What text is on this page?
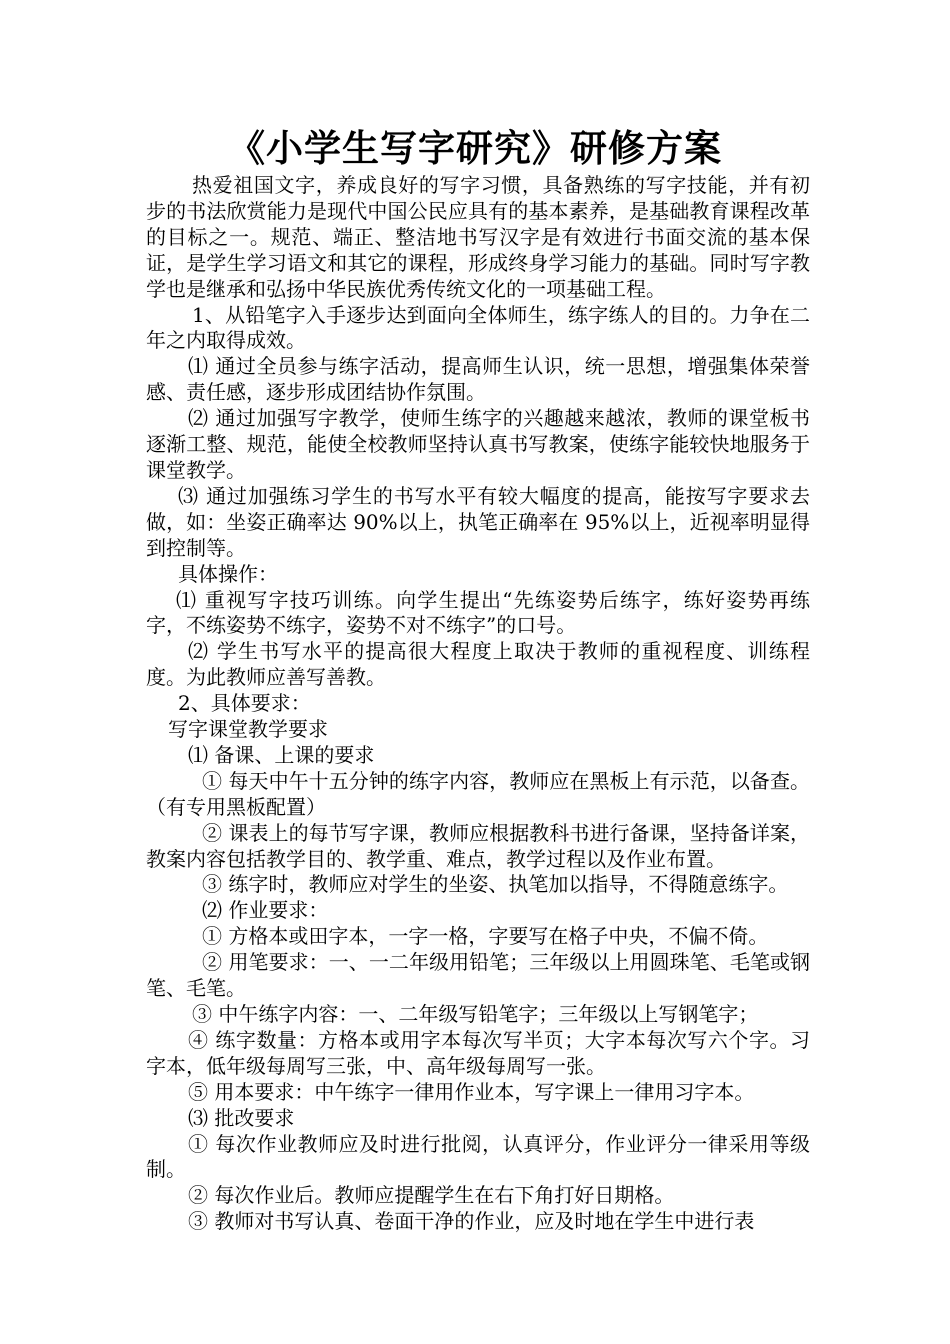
《小学生写字研究》研修方案

热爱祖国文字，养成良好的写字习惯，具备熟练的写字技能，并有初步的书法欣赏能力是现代中国公民应具有的基本素养，是基础教育课程改革的目标之一。规范、端正、整洁地书写汉字是有效进行书面交流的基本保证，是学生学习语文和其它的课程，形成终身学习能力的基础。同时写字教学也是继承和弘扬中华民族优秀传统文化的一项基础工程。

1、从铅笔字入手逐步达到面向全体师生，练字练人的目的。力争在二年之内取得成效。

⑴ 通过全员参与练字活动，提高师生认识，统一思想，增强集体荣誉感、责任感，逐步形成团结协作氛围。

⑵ 通过加强写字教学，使师生练字的兴趣越来越浓，教师的课堂板书逐渐工整、规范，能使全校教师坚持认真书写教案，使练字能较快地服务于课堂教学。

⑶ 通过加强练习学生的书写水平有较大幅度的提高，能按写字要求去做，如：坐姿正确率达 90%以上，执笔正确率在 95%以上，近视率明显得到控制等。

具体操作：

⑴ 重视写字技巧训练。向学生提出“先练姿势后练字，练好姿势再练字，不练姿势不练字，姿势不对不练字”的口号。

⑵ 学生书写水平的提高很大程度上取决于教师的重视程度、训练程度。为此教师应善写善教。

2、具体要求：

写字课堂教学要求

⑴ 备课、上课的要求

① 每天中午十五分钟的练字内容，教师应在黑板上有示范，以备查。（有专用黑板配置）

② 课表上的每节写字课，教师应根据教科书进行备课，坚持备详案，教案内容包括教学目的、教学重、难点，教学过程以及作业布置。

③ 练字时，教师应对学生的坐姿、执笔加以指导，不得随意练字。

⑵ 作业要求：

① 方格本或田字本，一字一格，字要写在格子中央，不偏不倚。

② 用笔要求：一、一二年级用铅笔；三年级以上用圆珠笔、毛笔或钢笔、毛笔。

③ 中午练字内容：一、二年级写铅笔字；三年级以上写钢笔字；

④ 练字数量：方格本或用字本每次写半页；大字本每次写六个字。习字本，低年级每周写三张，中、高年级每周写一张。

⑤ 用本要求：中午练字一律用作业本，写字课上一律用习字本。

⑶ 批改要求

① 每次作业教师应及时进行批阅，认真评分，作业评分一律采用等级制。

② 每次作业后。教师应提醒学生在右下角打好日期格。

③ 教师对书写认真、卷面干净的作业，应及时地在学生中进行表
